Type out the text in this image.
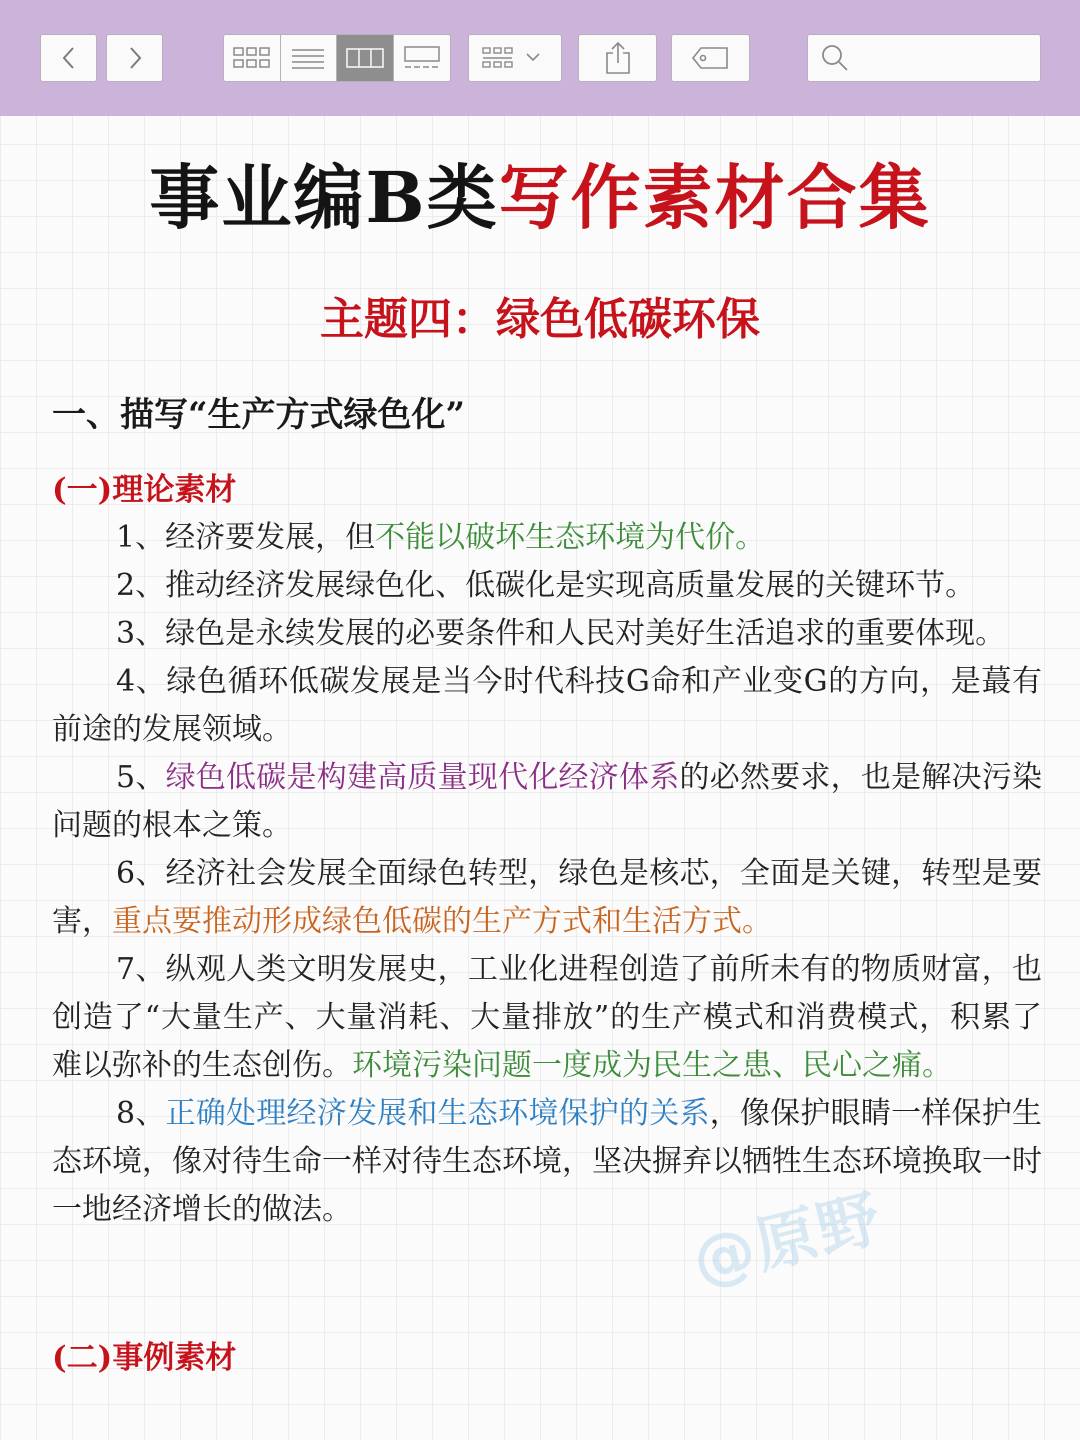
事业编B类写作素材合集
主题四：绿色低碳环保
一、描写“生产方式绿色化”
(一)理论素材

1、经济要发展，但不能以破坏生态环境为代价。

2、推动经济发展绿色化、低碳化是实现高质量发展的关键环节。

3、绿色是永续发展的必要条件和人民对美好生活追求的重要体现。

4、绿色循环低碳发展是当今时代科技G命和产业变G的方向，是蕞有前途的发展领域。

5、绿色低碳是构建高质量现代化经济体系的必然要求，也是解决污染问题的根本之策。

6、经济社会发展全面绿色转型，绿色是核芯，全面是关键，转型是要害，重点要推动形成绿色低碳的生产方式和生活方式。

7、纵观人类文明发展史，工业化进程创造了前所未有的物质财富，也创造了“大量生产、大量消耗、大量排放”的生产模式和消费模式，积累了难以弥补的生态创伤。环境污染问题一度成为民生之患、民心之痛。

8、正确处理经济发展和生态环境保护的关系，像保护眼睛一样保护生态环境，像对待生命一样对待生态环境，坚决摒弃以牺牲生态环境换取一时一地经济增长的做法。

(二)事例素材
@原野
